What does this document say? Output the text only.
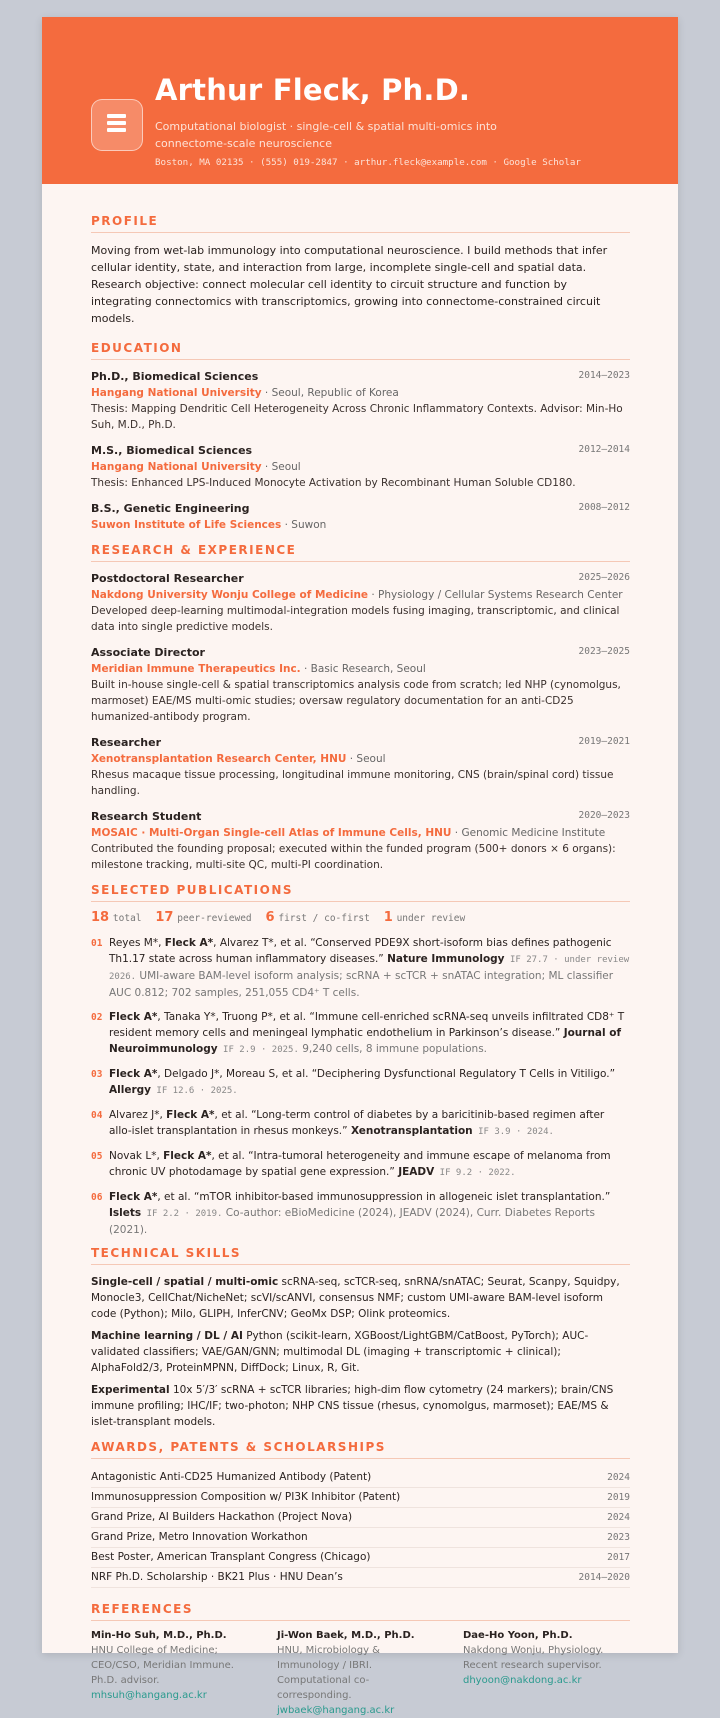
Arthur Fleck, Ph.D.

Computational biologist · single-cell & spatial multi-omics into connectome-scale neuroscience

Boston, MA 02135 · (555) 019-2847 · arthur.fleck@example.com · Google Scholar
PROFILE

Moving from wet-lab immunology into computational neuroscience. I build methods that infer cellular identity, state, and interaction from large, incomplete single-cell and spatial data. Research objective: connect molecular cell identity to circuit structure and function by integrating connectomics with transcriptomics, growing into connectome-constrained circuit models.

EDUCATION
Ph.D., Biomedical Sciences	2014–2023
Hangang National University · Seoul, Republic of Korea
Thesis: Mapping Dendritic Cell Heterogeneity Across Chronic Inflammatory Contexts. Advisor: Min-Ho Suh, M.D., Ph.D.
M.S., Biomedical Sciences	2012–2014
Hangang National University · Seoul
Thesis: Enhanced LPS-Induced Monocyte Activation by Recombinant Human Soluble CD180.
B.S., Genetic Engineering	2008–2012
Suwon Institute of Life Sciences · Suwon
RESEARCH & EXPERIENCE
Postdoctoral Researcher	2025–2026
Nakdong University Wonju College of Medicine · Physiology / Cellular Systems Research Center
Developed deep-learning multimodal-integration models fusing imaging, transcriptomic, and clinical data into single predictive models.
Associate Director	2023–2025
Meridian Immune Therapeutics Inc. · Basic Research, Seoul
Built in-house single-cell & spatial transcriptomics analysis code from scratch; led NHP (cynomolgus, marmoset) EAE/MS multi-omic studies; oversaw regulatory documentation for an anti-CD25 humanized-antibody program.
Researcher	2019–2021
Xenotransplantation Research Center, HNU · Seoul
Rhesus macaque tissue processing, longitudinal immune monitoring, CNS (brain/spinal cord) tissue handling.
Research Student	2020–2023
MOSAIC · Multi-Organ Single-cell Atlas of Immune Cells, HNU · Genomic Medicine Institute
Contributed the founding proposal; executed within the funded program (500+ donors × 6 organs): milestone tracking, multi-site QC, multi-PI coordination.
SELECTED PUBLICATIONS
18 total 17 peer-reviewed 6 first / co-first 1 under review
01 Reyes M*, Fleck A*, Alvarez T*, et al. “Conserved PDE9X short-isoform bias defines pathogenic Th1.17 state across human inflammatory diseases.” Nature Immunology IF 27.7 · under review 2026. UMI-aware BAM-level isoform analysis; scRNA + scTCR + snATAC integration; ML classifier AUC 0.812; 702 samples, 251,055 CD4⁺ T cells.
02 Fleck A*, Tanaka Y*, Truong P*, et al. “Immune cell-enriched scRNA-seq unveils infiltrated CD8⁺ T resident memory cells and meningeal lymphatic endothelium in Parkinson’s disease.” Journal of Neuroimmunology IF 2.9 · 2025. 9,240 cells, 8 immune populations.
03 Fleck A*, Delgado J*, Moreau S, et al. “Deciphering Dysfunctional Regulatory T Cells in Vitiligo.” Allergy IF 12.6 · 2025.
04 Alvarez J*, Fleck A*, et al. “Long-term control of diabetes by a baricitinib-based regimen after allo-islet transplantation in rhesus monkeys.” Xenotransplantation IF 3.9 · 2024.
05 Novak L*, Fleck A*, et al. “Intra-tumoral heterogeneity and immune escape of melanoma from chronic UV photodamage by spatial gene expression.” JEADV IF 9.2 · 2022.
06 Fleck A*, et al. “mTOR inhibitor-based immunosuppression in allogeneic islet transplantation.” Islets IF 2.2 · 2019. Co-author: eBioMedicine (2024), JEADV (2024), Curr. Diabetes Reports (2021).
TECHNICAL SKILLS
Single-cell / spatial / multi-omic scRNA-seq, scTCR-seq, snRNA/snATAC; Seurat, Scanpy, Squidpy, Monocle3, CellChat/NicheNet; scVI/scANVI, consensus NMF; custom UMI-aware BAM-level isoform code (Python); Milo, GLIPH, InferCNV; GeoMx DSP; Olink proteomics.
Machine learning / DL / AI Python (scikit-learn, XGBoost/LightGBM/CatBoost, PyTorch); AUC-validated classifiers; VAE/GAN/GNN; multimodal DL (imaging + transcriptomic + clinical); AlphaFold2/3, ProteinMPNN, DiffDock; Linux, R, Git.
Experimental 10x 5′/3′ scRNA + scTCR libraries; high-dim flow cytometry (24 markers); brain/CNS immune profiling; IHC/IF; two-photon; NHP CNS tissue (rhesus, cynomolgus, marmoset); EAE/MS & islet-transplant models.
AWARDS, PATENTS & SCHOLARSHIPS
Antagonistic Anti-CD25 Humanized Antibody (Patent)	2024
Immunosuppression Composition w/ PI3K Inhibitor (Patent)	2019
Grand Prize, AI Builders Hackathon (Project Nova)	2024
Grand Prize, Metro Innovation Workathon	2023
Best Poster, American Transplant Congress (Chicago)	2017
NRF Ph.D. Scholarship · BK21 Plus · HNU Dean’s	2014–2020
REFERENCES
Min-Ho Suh, M.D., Ph.D.
HNU College of Medicine; CEO/CSO, Meridian Immune. Ph.D. advisor.
mhsuh@hangang.ac.kr
Ji-Won Baek, M.D., Ph.D.
HNU, Microbiology & Immunology / IBRI. Computational co-corresponding.
jwbaek@hangang.ac.kr
Dae-Ho Yoon, Ph.D.
Nakdong Wonju, Physiology. Recent research supervisor.
dhyoon@nakdong.ac.kr
